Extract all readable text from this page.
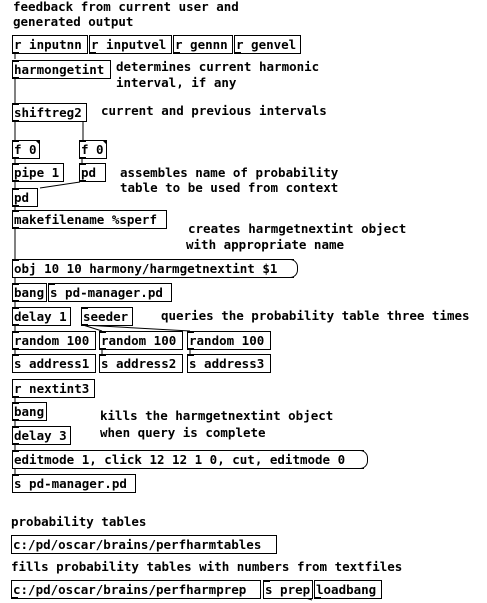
feedback from current user and
generated output
determines current harmonic
interval, if any
current and previous intervals
assembles name of probability
table to be used from context
creates harmgetnextint object
with appropriate name
queries the probability table three times
kills the harmgetnextint object
when query is complete
probability tables
fills probability tables with numbers from textfiles
r inputnn r inputvel r gennn r genvel
harmongetint
shiftreg2
f 0	f 0
pipe 1	pd
pd
makefilename %sperf
obj 10 10 harmony/harmgetnextint $1
bang s pd-manager.pd
delay 1	seeder
random 100 random 100	random 100
s address1 s address2	s address3
r nextint3
bang
delay 3
editmode 1, click 12 12 1 0, cut, editmode 0
s pd-manager.pd
c:/pd/oscar/brains/perfharmtables
c:/pd/oscar/brains/perfharmprep	s prep loadbang
